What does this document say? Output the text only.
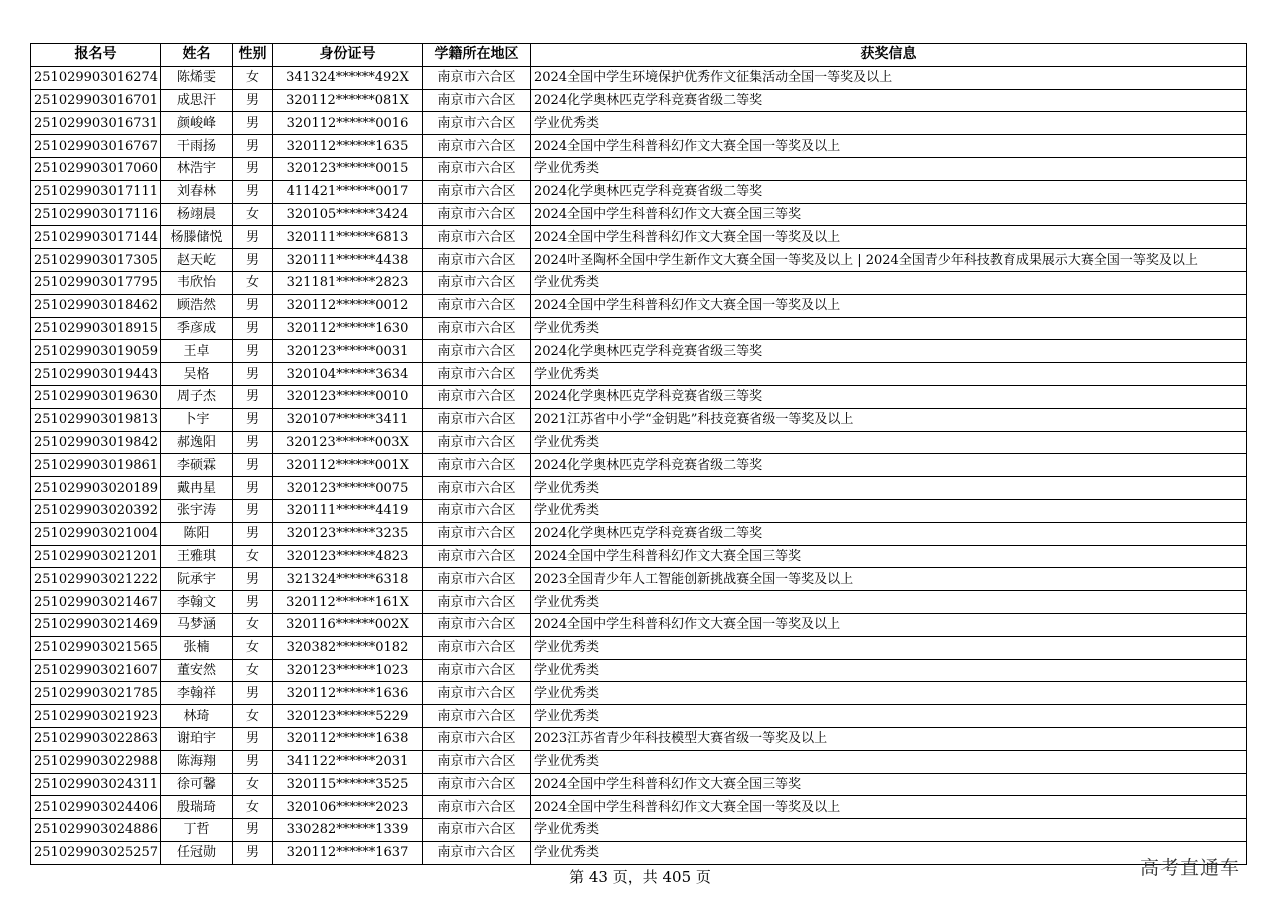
报名号	姓名	性别	身份证号	学籍所在地区	获奖信息
251029903016274	陈烯雯	女	341324******492X	南京市六合区	2024全国中学生环境保护优秀作文征集活动全国一等奖及以上
251029903016701	成思汗	男	320112******081X	南京市六合区	2024化学奥林匹克学科竞赛省级二等奖
251029903016731	颜峻峰	男	320112******0016	南京市六合区	学业优秀类
251029903016767	干雨扬	男	320112******1635	南京市六合区	2024全国中学生科普科幻作文大赛全国一等奖及以上
251029903017060	林浩宇	男	320123******0015	南京市六合区	学业优秀类
251029903017111	刘春林	男	411421******0017	南京市六合区	2024化学奥林匹克学科竞赛省级二等奖
251029903017116	杨翊晨	女	320105******3424	南京市六合区	2024全国中学生科普科幻作文大赛全国三等奖
251029903017144	杨滕储悦	男	320111******6813	南京市六合区	2024全国中学生科普科幻作文大赛全国一等奖及以上
251029903017305	赵天屹	男	320111******4438	南京市六合区	2024叶圣陶杯全国中学生新作文大赛全国一等奖及以上 | 2024全国青少年科技教育成果展示大赛全国一等奖及以上
251029903017795	韦欣怡	女	321181******2823	南京市六合区	学业优秀类
251029903018462	顾浩然	男	320112******0012	南京市六合区	2024全国中学生科普科幻作文大赛全国一等奖及以上
251029903018915	季彦成	男	320112******1630	南京市六合区	学业优秀类
251029903019059	王卓	男	320123******0031	南京市六合区	2024化学奥林匹克学科竞赛省级三等奖
251029903019443	吴格	男	320104******3634	南京市六合区	学业优秀类
251029903019630	周子杰	男	320123******0010	南京市六合区	2024化学奥林匹克学科竞赛省级三等奖
251029903019813	卜宇	男	320107******3411	南京市六合区	2021江苏省中小学“金钥匙”科技竞赛省级一等奖及以上
251029903019842	郝逸阳	男	320123******003X	南京市六合区	学业优秀类
251029903019861	李硕霖	男	320112******001X	南京市六合区	2024化学奥林匹克学科竞赛省级二等奖
251029903020189	戴冉星	男	320123******0075	南京市六合区	学业优秀类
251029903020392	张宇涛	男	320111******4419	南京市六合区	学业优秀类
251029903021004	陈阳	男	320123******3235	南京市六合区	2024化学奥林匹克学科竞赛省级二等奖
251029903021201	王雅琪	女	320123******4823	南京市六合区	2024全国中学生科普科幻作文大赛全国三等奖
251029903021222	阮承宇	男	321324******6318	南京市六合区	2023全国青少年人工智能创新挑战赛全国一等奖及以上
251029903021467	李翰文	男	320112******161X	南京市六合区	学业优秀类
251029903021469	马梦涵	女	320116******002X	南京市六合区	2024全国中学生科普科幻作文大赛全国一等奖及以上
251029903021565	张楠	女	320382******0182	南京市六合区	学业优秀类
251029903021607	董安然	女	320123******1023	南京市六合区	学业优秀类
251029903021785	李翰祥	男	320112******1636	南京市六合区	学业优秀类
251029903021923	林琦	女	320123******5229	南京市六合区	学业优秀类
251029903022863	谢珀宇	男	320112******1638	南京市六合区	2023江苏省青少年科技模型大赛省级一等奖及以上
251029903022988	陈海翔	男	341122******2031	南京市六合区	学业优秀类
251029903024311	徐可馨	女	320115******3525	南京市六合区	2024全国中学生科普科幻作文大赛全国三等奖
251029903024406	殷瑞琦	女	320106******2023	南京市六合区	2024全国中学生科普科幻作文大赛全国一等奖及以上
251029903024886	丁哲	男	330282******1339	南京市六合区	学业优秀类
251029903025257	任冠勋	男	320112******1637	南京市六合区	学业优秀类
第 43 页，共 405 页	高考直通车
